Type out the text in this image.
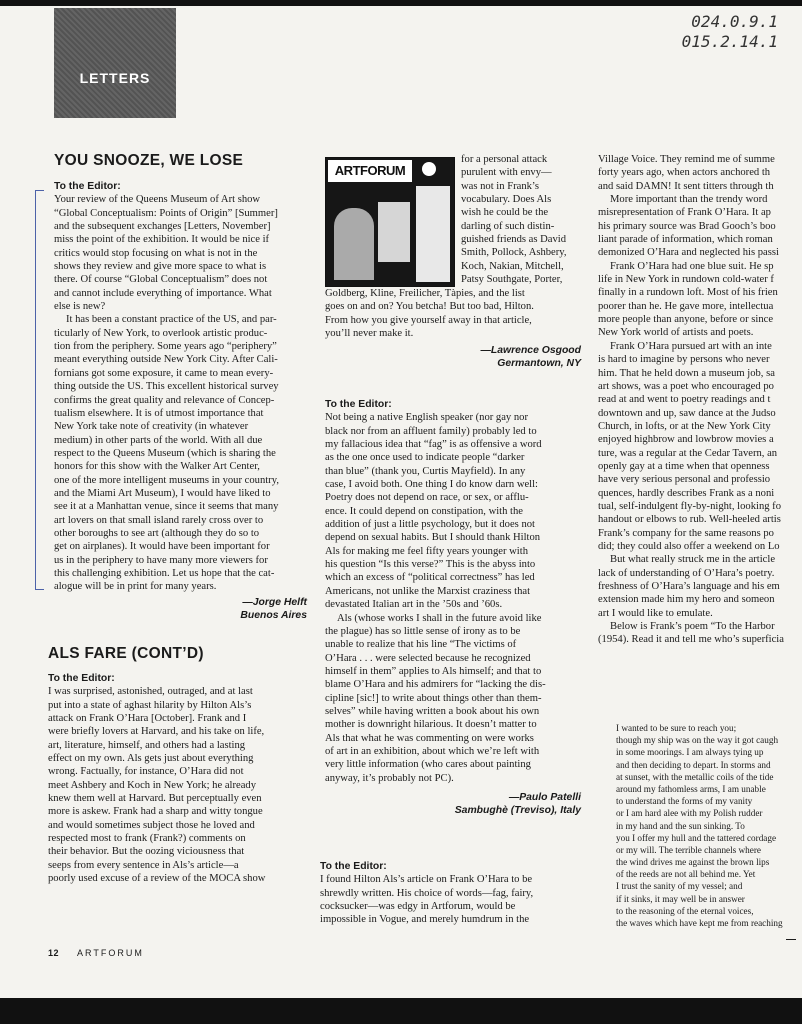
LETTERS
024.0.9.1
015.2.14.1
YOU SNOOZE, WE LOSE
To the Editor:
Your review of the Queens Museum of Art show
“Global Conceptualism: Points of Origin” [Summer]
and the subsequent exchanges [Letters, November]
miss the point of the exhibition. It would be nice if
critics would stop focusing on what is not in the
shows they review and give more space to what is
there. Of course “Global Conceptualism” does not
and cannot include everything of importance. What
else is new?
It has been a constant practice of the US, and par-
ticularly of New York, to overlook artistic produc-
tion from the periphery. Some years ago “periphery”
meant everything outside New York City. After Cali-
fornians got some exposure, it came to mean every-
thing outside the US. This excellent historical survey
confirms the great quality and relevance of Concep-
tualism elsewhere. It is of utmost importance that
New York take note of creativity (in whatever
medium) in other parts of the world. With all due
respect to the Queens Museum (which is sharing the
honors for this show with the Walker Art Center,
one of the more intelligent museums in your country,
and the Miami Art Museum), I would have liked to
see it at a Manhattan venue, since it seems that many
art lovers on that small island rarely cross over to
other boroughs to see art (although they do so to
get on airplanes). It would have been important for
us in the periphery to have many more viewers for
this challenging exhibition. Let us hope that the cat-
alogue will be in print for many years.
—Jorge Helft
Buenos Aires
ALS FARE (CONT’D)
To the Editor:
I was surprised, astonished, outraged, and at last
put into a state of aghast hilarity by Hilton Als’s
attack on Frank O’Hara [October]. Frank and I
were briefly lovers at Harvard, and his take on life,
art, literature, himself, and others had a lasting
effect on my own. Als gets just about everything
wrong. Factually, for instance, O’Hara did not
meet Ashbery and Koch in New York; he already
knew them well at Harvard. But perceptually even
more is askew. Frank had a sharp and witty tongue
and would sometimes subject those he loved and
respected most to frank (Frank?) comments on
their behavior. But the oozing viciousness that
seeps from every sentence in Als’s article—a
poorly used excuse of a review of the MOCA show
ARTFORUM
for a personal attack
purulent with envy—
was not in Frank’s
vocabulary. Does Als
wish he could be the
darling of such distin-
guished friends as David
Smith, Pollock, Ashbery,
Koch, Nakian, Mitchell,
Patsy Southgate, Porter,
Goldberg, Kline, Freilicher, Tàpies, and the list
goes on and on? You betcha! But too bad, Hilton.
From how you give yourself away in that article,
you’ll never make it.
—Lawrence Osgood
Germantown, NY
To the Editor:
Not being a native English speaker (nor gay nor
black nor from an affluent family) probably led to
my fallacious idea that “fag” is as offensive a word
as the one once used to indicate people “darker
than blue” (thank you, Curtis Mayfield). In any
case, I avoid both. One thing I do know darn well:
Poetry does not depend on race, or sex, or afflu-
ence. It could depend on constipation, with the
addition of just a little psychology, but it does not
depend on sexual habits. But I should thank Hilton
Als for making me feel fifty years younger with
his question “Is this verse?” This is the abyss into
which an excess of “political correctness” has led
Americans, not unlike the Marxist craziness that
devastated Italian art in the ’50s and ’60s.
Als (whose works I shall in the future avoid like
the plague) has so little sense of irony as to be
unable to realize that his line “The victims of
O’Hara . . . were selected because he recognized
himself in them” applies to Als himself; and that to
blame O’Hara and his admirers for “lacking the dis-
cipline [sic!] to write about things other than them-
selves” while having written a book about his own
mother is downright hilarious. It doesn’t matter to
Als that what he was commenting on were works
of art in an exhibition, about which we’re left with
very little information (who cares about painting
anyway, it’s probably not PC).
—Paulo Patelli
Sambughè (Treviso), Italy
To the Editor:
I found Hilton Als’s article on Frank O’Hara to be
shrewdly written. His choice of words—fag, fairy,
cocksucker—was edgy in Artforum, would be
impossible in Vogue, and merely humdrum in the
Village Voice. They remind me of summe
forty years ago, when actors anchored th
and said DAMN! It sent titters through th
More important than the trendy word
misrepresentation of Frank O’Hara. It ap
his primary source was Brad Gooch’s boo
liant parade of information, which roman
demonized O’Hara and neglected his passi
Frank O’Hara had one blue suit. He sp
life in New York in rundown cold-water f
finally in a rundown loft. Most of his frien
poorer than he. He gave more, intellectua
more people than anyone, before or since
New York world of artists and poets.
Frank O’Hara pursued art with an inte
is hard to imagine by persons who never
him. That he held down a museum job, sa
art shows, was a poet who encouraged po
read at and went to poetry readings and t
downtown and up, saw dance at the Judso
Church, in lofts, or at the New York City
enjoyed highbrow and lowbrow movies a
ture, was a regular at the Cedar Tavern, an
openly gay at a time when that openness
have very serious personal and professio
quences, hardly describes Frank as a noni
tual, self-indulgent fly-by-night, looking fo
handout or elbows to rub. Well-heeled artis
Frank’s company for the same reasons po
did; they could also offer a weekend on Lo
But what really struck me in the article
lack of understanding of O’Hara’s poetry.
freshness of O’Hara’s language and his em
extension made him my hero and someon
art I would like to emulate.
Below is Frank’s poem “To the Harbor
(1954). Read it and tell me who’s superficia
I wanted to be sure to reach you;
though my ship was on the way it got caugh
in some moorings. I am always tying up
and then deciding to depart. In storms and
at sunset, with the metallic coils of the tide
around my fathomless arms, I am unable
to understand the forms of my vanity
or I am hard alee with my Polish rudder
in my hand and the sun sinking. To
you I offer my hull and the tattered cordage
or my will. The terrible channels where
the wind drives me against the brown lips
of the reeds are not all behind me. Yet
I trust the sanity of my vessel; and
if it sinks, it may well be in answer
to the reasoning of the eternal voices,
the waves which have kept me from reaching
—
12 ARTFORUM
